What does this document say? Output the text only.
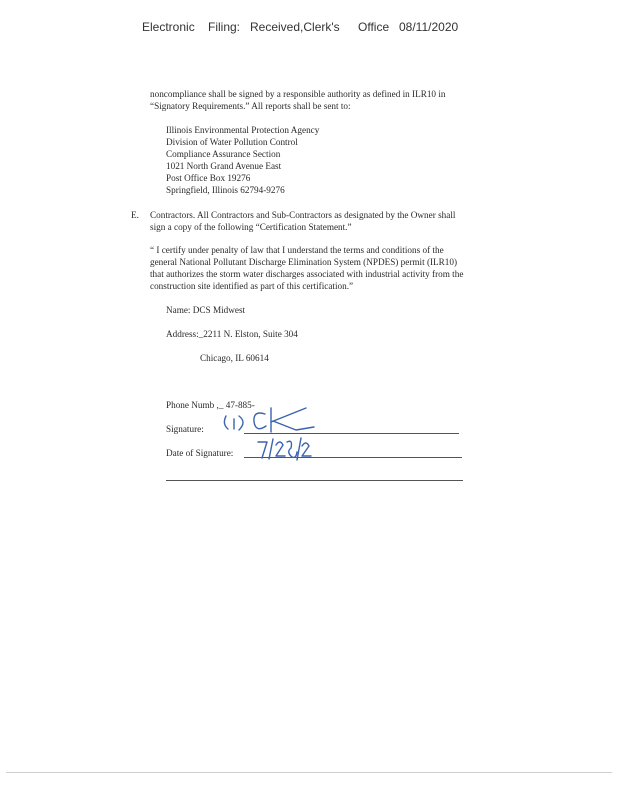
Electronic Filing: Received,Clerk's Office 08/11/2020
noncompliance shall be signed by a responsible authority as defined in ILR10 in
“Signatory Requirements.” All reports shall be sent to:
Illinois Environmental Protection Agency
Division of Water Pollution Control
Compliance Assurance Section
1021 North Grand Avenue East
Post Office Box 19276
Springfield, Illinois 62794-9276
E. Contractors. All Contractors and Sub-Contractors as designated by the Owner shall
sign a copy of the following “Certification Statement.”
“ I certify under penalty of law that I understand the terms and conditions of the
general National Pollutant Discharge Elimination System (NPDES) permit (ILR10)
that authorizes the storm water discharges associated with industrial activity from the
construction site identified as part of this certification.”
Name: DCS Midwest
Address:_2211 N. Elston, Suite 304
Chicago, IL 60614
Phone Numb ,_ 47-885-
Signature:
Date of Signature:
